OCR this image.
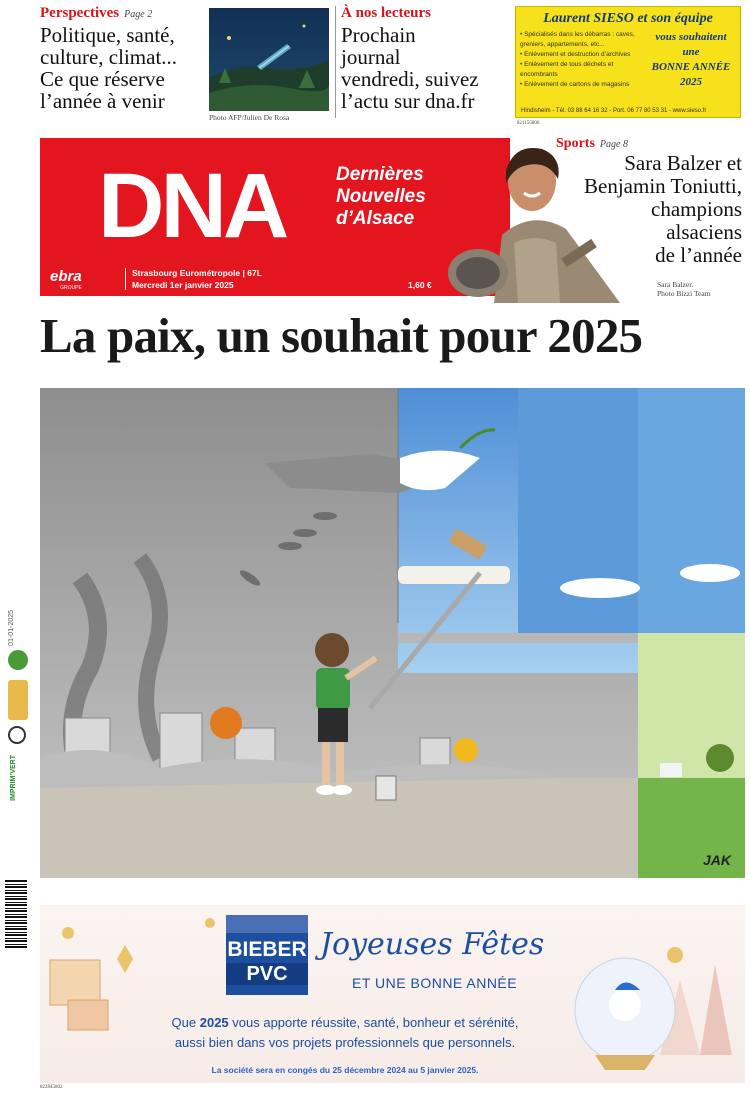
Perspectives Page 2
Politique, santé,
culture, climat...
Ce que réserve
l’année à venir
Photo AFP/Julien De Rosa
À nos lecteurs
Prochain
journal
vendredi, suivez
l’actu sur dna.fr
Laurent SIESO et son équipe
• Spécialisés dans les débarras : caves, greniers, appartements, etc...
• Enlèvement et destruction d’archives
• Enlèvement de tous déchets et encombrants
• Enlèvement de cartons de magasins
vous souhaitent
une
BONNE ANNÉE
2025
Hindisheim - Tél. 03 88 64 16 32 - Port. 06 77 80 53 31 - www.sieso.fr
821155800
DNA	Dernières
Nouvelles
d’Alsace
ebra $_{GROUPE}$
Strasbourg Eurométropole | 67L
Mercredi 1er janvier 2025	1,60 €
Sports Page 8
Sara Balzer et
Benjamin Toniutti,
champions
alsaciens
de l’année
Sara Balzer.
Photo Bizzi Team
La paix, un souhait pour 2025
JAK
01-01-2025
IMPRIM’VERT
BIEBER
PVC
Joyeuses Fêtes
ET UNE BONNE ANNÉE
Que 2025 vous apporte réussite, santé, bonheur et sérénité,
aussi bien dans vos projets professionnels que personnels.
La société sera en congés du 25 décembre 2024 au 5 janvier 2025.
822845802
